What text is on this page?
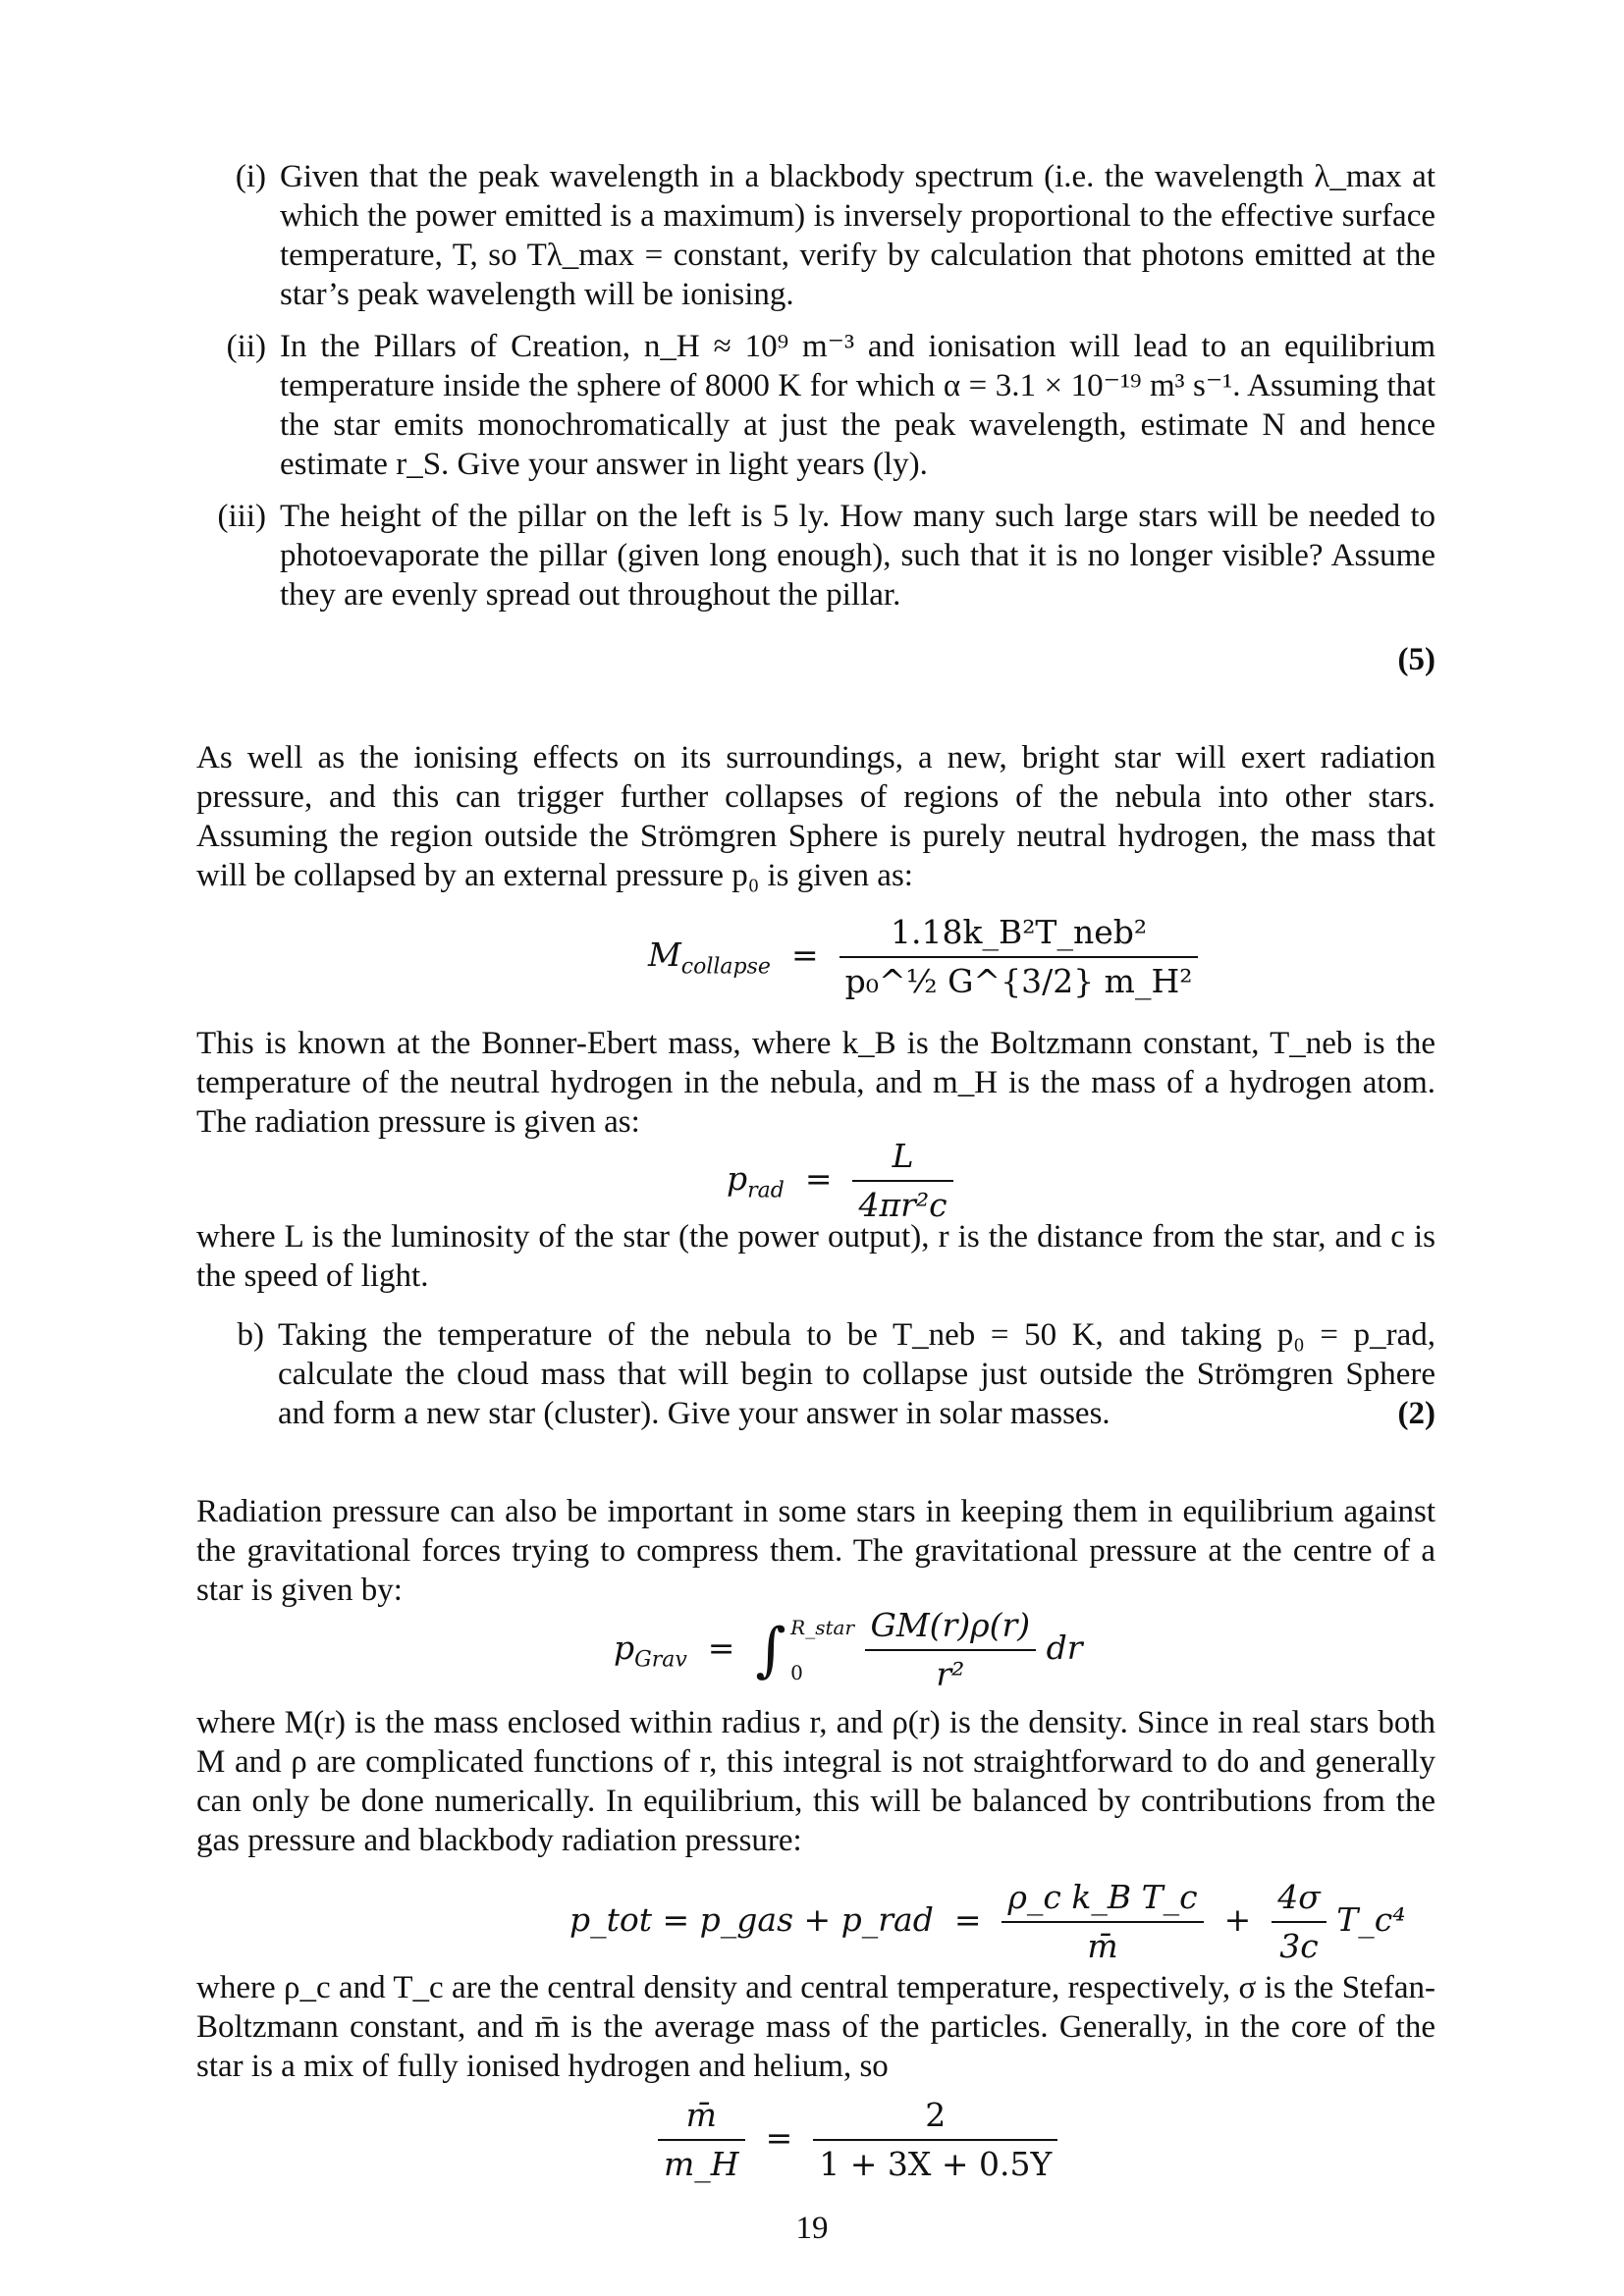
(i) Given that the peak wavelength in a blackbody spectrum (i.e. the wavelength λ_max at which the power emitted is a maximum) is inversely proportional to the effective surface temperature, T, so Tλ_max = constant, verify by calculation that photons emitted at the star’s peak wavelength will be ionising.
(ii) In the Pillars of Creation, n_H ≈ 10⁹ m⁻³ and ionisation will lead to an equilibrium temperature inside the sphere of 8000 K for which α = 3.1 × 10⁻¹⁹ m³ s⁻¹. Assuming that the star emits monochromatically at just the peak wavelength, estimate N and hence estimate r_S. Give your answer in light years (ly).
(iii) The height of the pillar on the left is 5 ly. How many such large stars will be needed to photoevaporate the pillar (given long enough), such that it is no longer visible? Assume they are evenly spread out throughout the pillar.
(5)
As well as the ionising effects on its surroundings, a new, bright star will exert radiation pressure, and this can trigger further collapses of regions of the nebula into other stars. Assuming the region outside the Strömgren Sphere is purely neutral hydrogen, the mass that will be collapsed by an external pressure p₀ is given as:
$M_{collapse} = \frac{\text{1.18k\_B²T\_neb²}}{\text{p₀\textasciicircum{}½ G\textasciicircum{}\{3/2\} m\_H²}}$
This is known at the Bonner-Ebert mass, where k_B is the Boltzmann constant, T_neb is the temperature of the neutral hydrogen in the nebula, and m_H is the mass of a hydrogen atom. The radiation pressure is given as:
$p_{rad} = \frac{L}{\text{4πr²c}}$
where L is the luminosity of the star (the power output), r is the distance from the star, and c is the speed of light.
b) Taking the temperature of the nebula to be T_neb = 50 K, and taking p₀ = p_rad, calculate the cloud mass that will begin to collapse just outside the Strömgren Sphere and form a new star (cluster). Give your answer in solar masses.	(2)
Radiation pressure can also be important in some stars in keeping them in equilibrium against the gravitational forces trying to compress them. The gravitational pressure at the centre of a star is given by:
$p_{Grav}$  =  ∫ R_star
0
	$\frac{GM(r)\rho(r)}{\text{r²}}$ dr
where M(r) is the mass enclosed within radius r, and ρ(r) is the density. Since in real stars both M and ρ are complicated functions of r, this integral is not straightforward to do and generally can only be done numerically. In equilibrium, this will be balanced by contributions from the gas pressure and blackbody radiation pressure:
p_tot = p_gas + p_rad  = $\frac{\text{ρ\_c k\_B T\_c}}{m̄} + \frac{4\sigma}{3c}$ T_c⁴
where ρ_c and T_c are the central density and central temperature, respectively, σ is the Stefan-Boltzmann constant, and m̄ is the average mass of the particles. Generally, in the core of the star is a mix of fully ionised hydrogen and helium, so
$\frac{m̄}{m\_H} = \frac{2}{1 + 3X + 0.5Y}$
19
